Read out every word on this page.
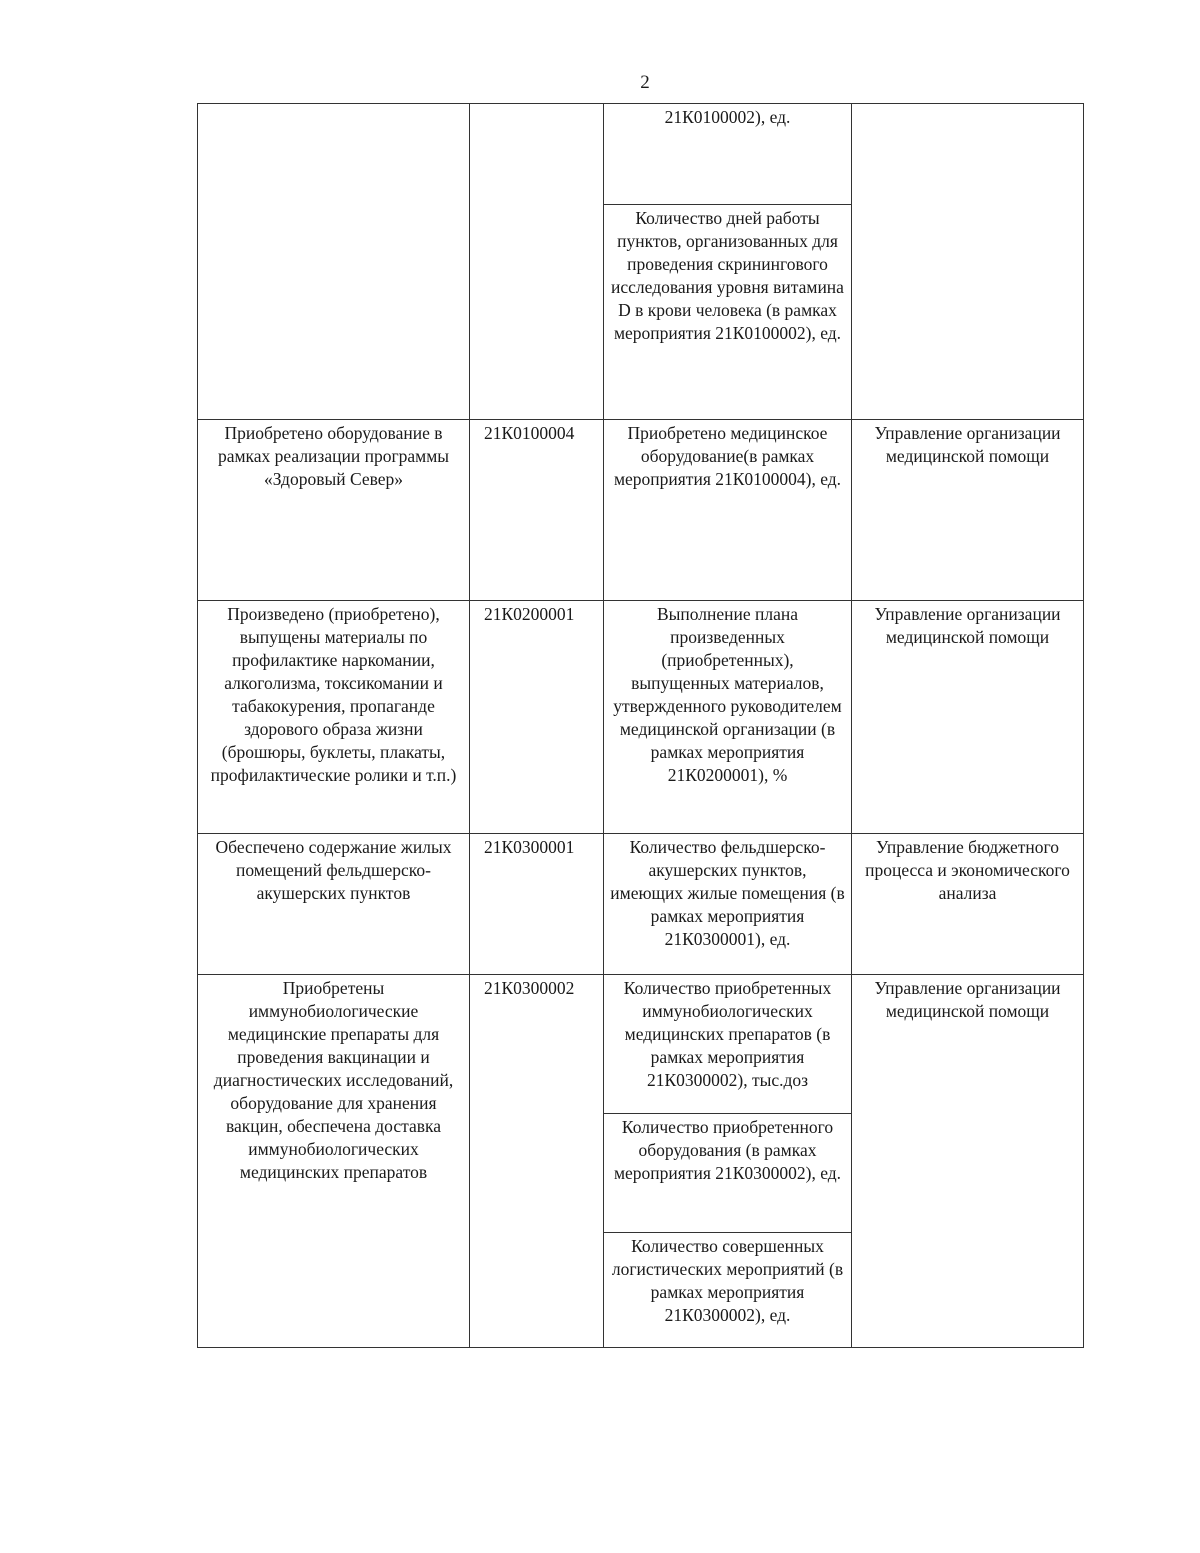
2
		21К0100002), ед.	
		Количество дней работы пунктов, организованных для проведения скринингового исследования уровня витамина D в крови человека (в рамках мероприятия 21К0100002), ед.	
Приобретено оборудование в рамках реализации программы «Здоровый Север»	21К0100004	Приобретено медицинское оборудование(в рамках мероприятия 21К0100004), ед.	Управление организации медицинской помощи
Произведено (приобретено), выпущены материалы по профилактике наркомании, алкоголизма, токсикомании и табакокурения, пропаганде здорового образа жизни (брошюры, буклеты, плакаты, профилактические ролики и т.п.)	21К0200001	Выполнение плана произведенных (приобретенных), выпущенных материалов, утвержденного руководителем медицинской организации (в рамках мероприятия 21К0200001), %	Управление организации медицинской помощи
Обеспечено содержание жилых помещений фельдшерско-акушерских пунктов	21К0300001	Количество фельдшерско-акушерских пунктов, имеющих жилые помещения (в рамках мероприятия 21К0300001), ед.	Управление бюджетного процесса и экономического анализа
Приобретены иммунобиологические медицинские препараты для проведения вакцинации и диагностических исследований, оборудование для хранения вакцин, обеспечена доставка иммунобиологических медицинских препаратов	21К0300002	Количество приобретенных иммунобиологических медицинских препаратов (в рамках мероприятия 21К0300002), тыс.доз	Управление организации медицинской помощи
		Количество приобретенного оборудования (в рамках мероприятия 21К0300002), ед.	
		Количество совершенных логистических мероприятий (в рамках мероприятия 21К0300002), ед.	
